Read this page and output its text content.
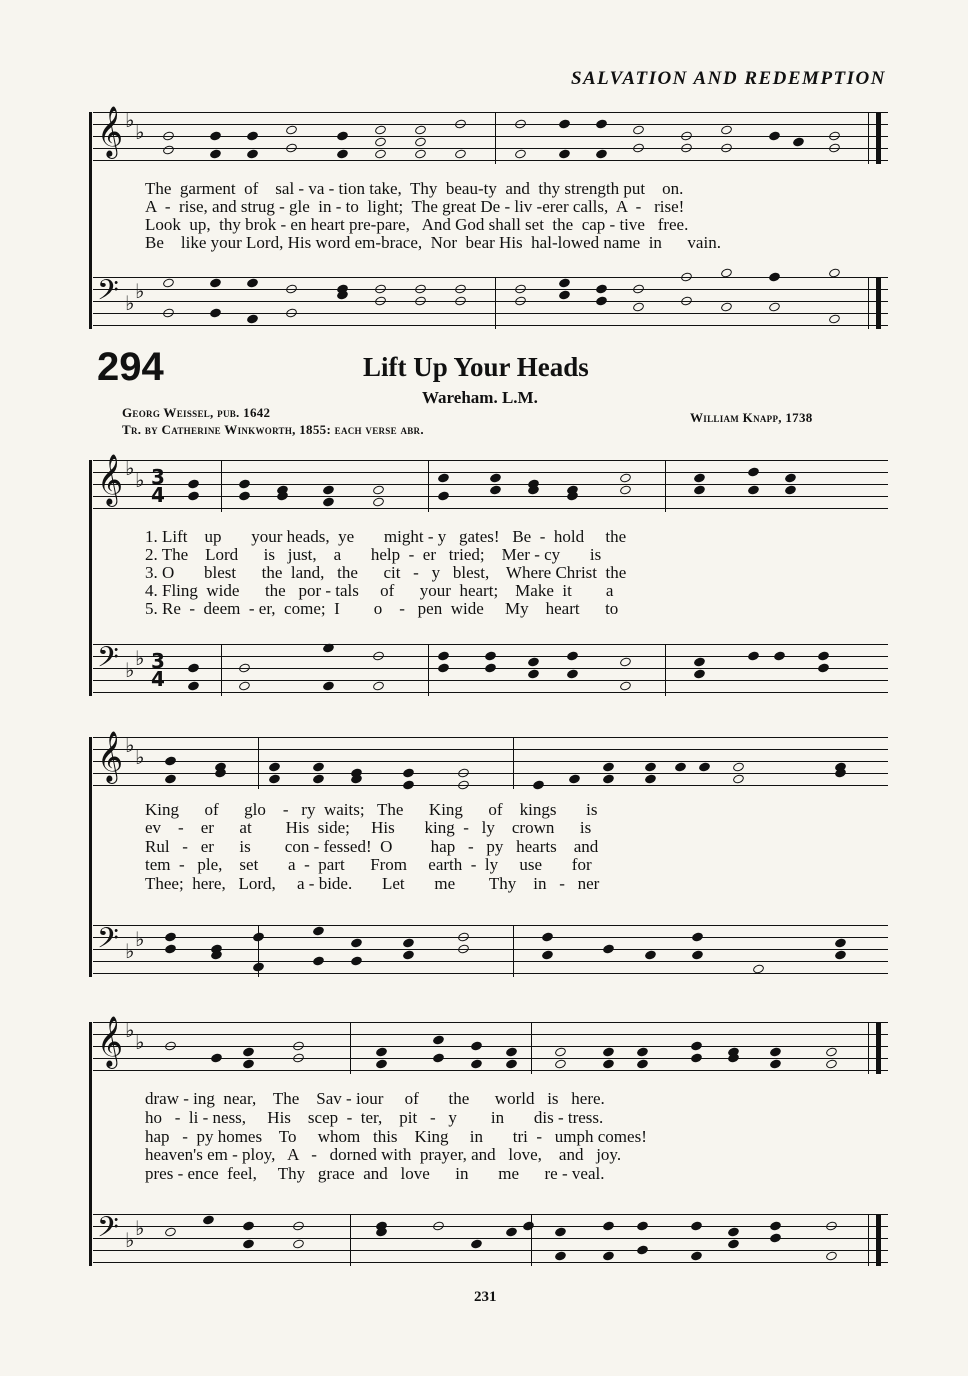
SALVATION AND REDEMPTION
𝄞 ♭ ♭
The  garment  of    sal - va - tion take,  Thy  beau-ty  and  thy strength put    on.
A  -  rise, and strug - gle  in - to  light;  The great De - liv -erer calls,  A  -   rise!
Look  up,  thy brok - en heart pre-pare,   And God shall set  the  cap - tive   free.
Be    like your Lord, His word em-brace,  Nor  bear His  hal-lowed name  in      vain.
𝄢 ♭ ♭
294	Lift Up Your Heads
Wareham. L.M.
Georg Weissel, pub. 1642
Tr. by Catherine Winkworth, 1855: each verse abr.
William Knapp, 1738
𝄞 ♭ ♭ 3
4
1. Lift    up       your heads,  ye       might - y   gates!   Be  -  hold     the
2. The    Lord      is   just,    a       help  -  er   tried;    Mer - cy       is
3. O       blest      the  land,   the      cit   -   y   blest,    Where Christ  the
4. Fling  wide      the   por - tals     of      your  heart;    Make  it        a
5. Re  -  deem  - er,  come;  I        o    -   pen  wide     My    heart      to
𝄢 ♭ ♭ 3
4
𝄞 ♭ ♭
King      of      glo    -   ry  waits;   The      King      of    kings       is
ev    -    er      at        His  side;     His       king  -   ly    crown      is
Rul   -   er      is        con - fessed!  O         hap   -   py   hearts    and
tem  -   ple,    set       a  -  part      From     earth  -  ly     use       for
Thee;  here,   Lord,     a - bide.       Let       me        Thy    in   -   ner
𝄢 ♭ ♭
𝄞 ♭ ♭
draw - ing  near,    The    Sav - iour     of       the      world   is   here.
ho   -  li - ness,     His    scep  -  ter,    pit   -   y        in       dis - tress.
hap   -  py homes    To     whom   this    King     in       tri  -   umph comes!
heaven's em - ploy,   A   -   dorned with  prayer, and   love,    and   joy.
pres - ence  feel,     Thy   grace  and   love      in       me      re - veal.
𝄢 ♭ ♭
231
